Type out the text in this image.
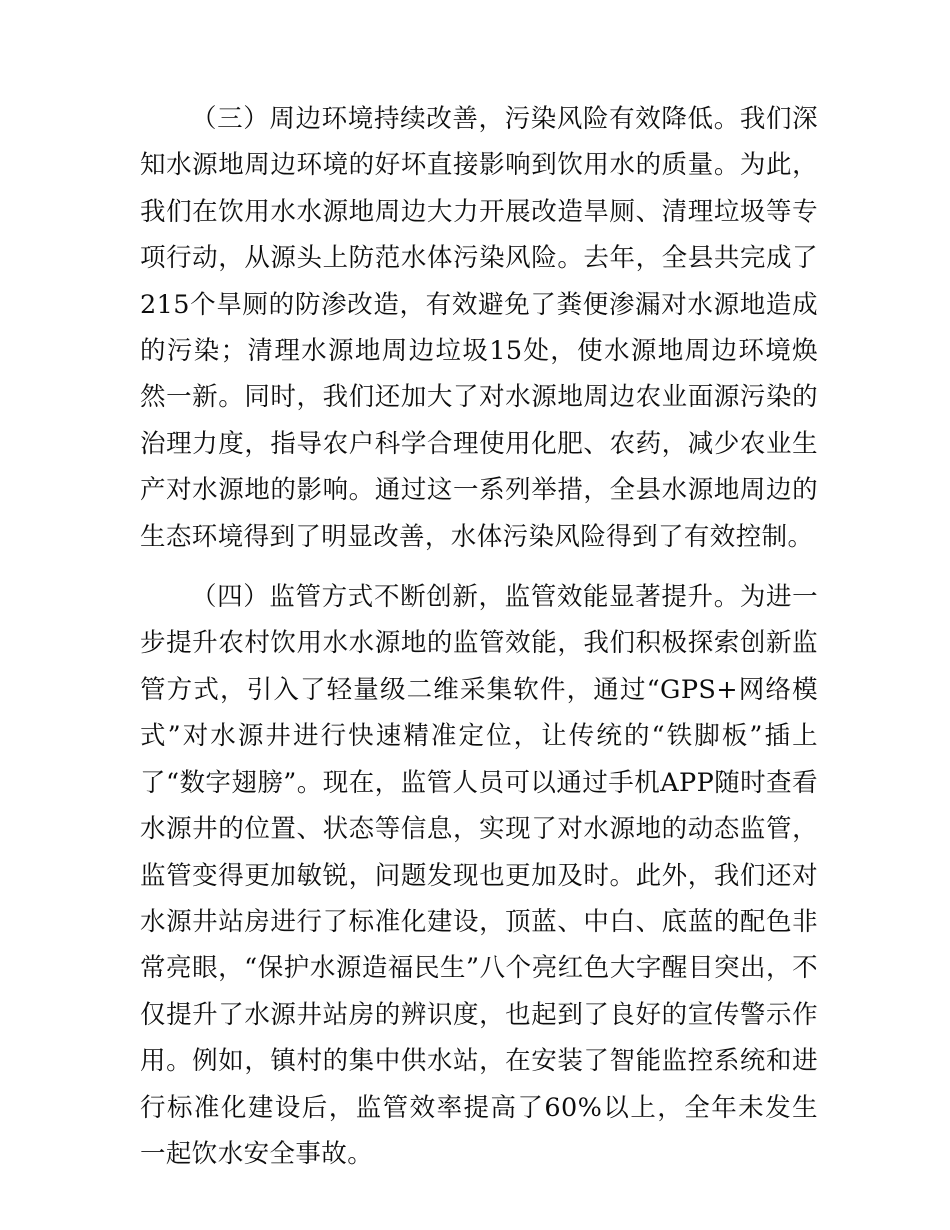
（三）周边环境持续改善，污染风险有效降低。我们深知水源地周边环境的好坏直接影响到饮用水的质量。为此，我们在饮用水水源地周边大力开展改造旱厕、清理垃圾等专项行动，从源头上防范水体污染风险。去年，全县共完成了215个旱厕的防渗改造，有效避免了粪便渗漏对水源地造成的污染；清理水源地周边垃圾15处，使水源地周边环境焕然一新。同时，我们还加大了对水源地周边农业面源污染的治理力度，指导农户科学合理使用化肥、农药，减少农业生产对水源地的影响。通过这一系列举措，全县水源地周边的生态环境得到了明显改善，水体污染风险得到了有效控制。

（四）监管方式不断创新，监管效能显著提升。为进一步提升农村饮用水水源地的监管效能，我们积极探索创新监管方式，引入了轻量级二维采集软件，通过“GPS+网络模式”对水源井进行快速精准定位，让传统的“铁脚板”插上了“数字翅膀”。现在，监管人员可以通过手机APP随时查看水源井的位置、状态等信息，实现了对水源地的动态监管，监管变得更加敏锐，问题发现也更加及时。此外，我们还对水源井站房进行了标准化建设，顶蓝、中白、底蓝的配色非常亮眼，“保护水源造福民生”八个亮红色大字醒目突出，不仅提升了水源井站房的辨识度，也起到了良好的宣传警示作用。例如，镇村的集中供水站，在安装了智能监控系统和进行标准化建设后，监管效率提高了60%以上，全年未发生一起饮水安全事故。
